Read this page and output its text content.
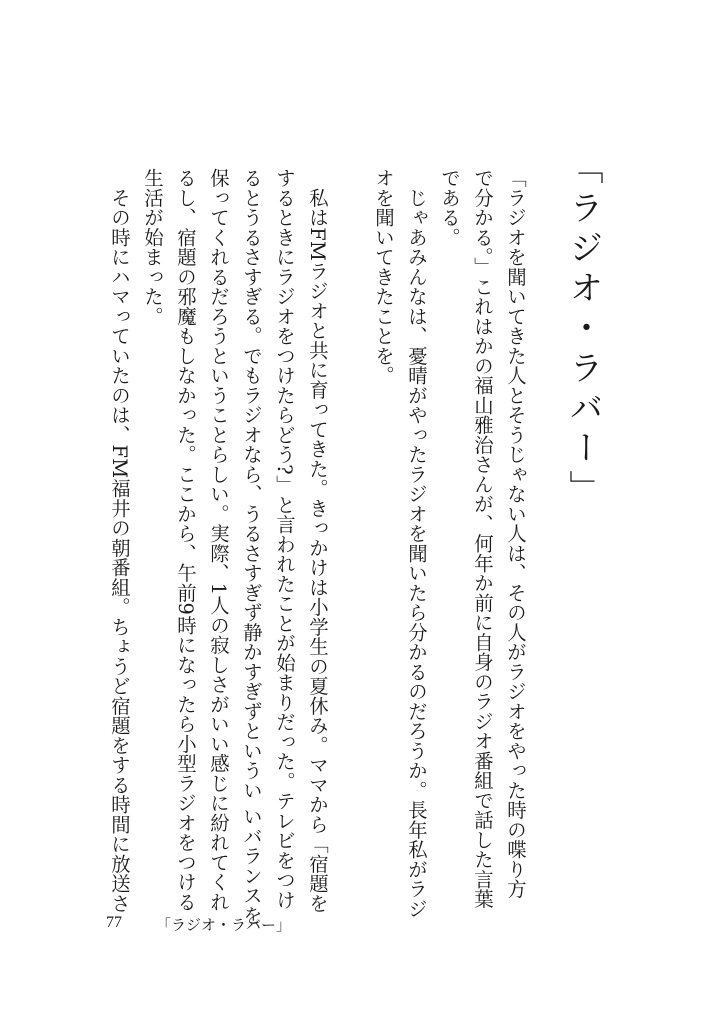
「ラジオ・ラバー」
「ラジオを聞いてきた人とそうじゃない人は、その人がラジオをやった時の喋り方
で分かる。」これはかの福山雅治さんが、何年か前に自身のラジオ番組で話した言葉
である。
　じゃあみんなは、憂晴がやったラジオを聞いたら分かるのだろうか。長年私がラジ
オを聞いてきたことを。
　私はFMラジオと共に育ってきた。きっかけは小学生の夏休み。ママから「宿題を
するときにラジオをつけたらどう?」と言われたことが始まりだった。テレビをつけ
るとうるさすぎる。でもラジオなら、うるさすぎず静かすぎずというい いバランスを
保ってくれるだろうということらしい。実際、1人の寂しさがいい感じに紛れてくれ
るし、宿題の邪魔もしなかった。ここから、午前9時になったら小型ラジオをつける
生活が始まった。
　その時にハマっていたのは、FM福井の朝番組。ちょうど宿題をする時間に放送さ
77 「ラジオ・ラバー」
